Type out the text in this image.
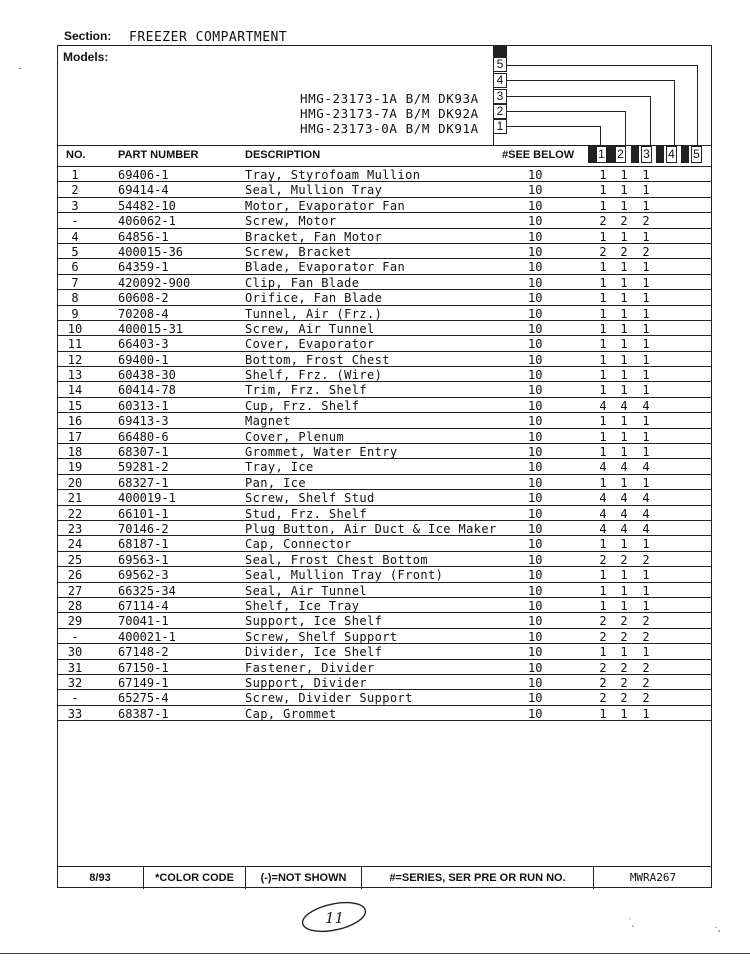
Section: FREEZER COMPARTMENT
Models:
HMG-23173-1A B/M DK93A
HMG-23173-7A B/M DK92A
HMG-23173-0A B/M DK91A
5
4
3
2
1
NO.	PART NUMBER	DESCRIPTION	#SEE BELOW 1 2 3 4 5
1	69406-1	Tray, Styrofoam Mullion	10	1 1 1
2	69414-4	Seal, Mullion Tray	10	1 1 1
3	54482-10	Motor, Evaporator Fan	10	1 1 1
-	406062-1	Screw, Motor	10	2 2 2
4	64856-1	Bracket, Fan Motor	10	1 1 1
5	400015-36	Screw, Bracket	10	2 2 2
6	64359-1	Blade, Evaporator Fan	10	1 1 1
7	420092-900	Clip, Fan Blade	10	1 1 1
8	60608-2	Orifice, Fan Blade	10	1 1 1
9	70208-4	Tunnel, Air (Frz.)	10	1 1 1
10	400015-31	Screw, Air Tunnel	10	1 1 1
11	66403-3	Cover, Evaporator	10	1 1 1
12	69400-1	Bottom, Frost Chest	10	1 1 1
13	60438-30	Shelf, Frz. (Wire)	10	1 1 1
14	60414-78	Trim, Frz. Shelf	10	1 1 1
15	60313-1	Cup, Frz. Shelf	10	4 4 4
16	69413-3	Magnet	10	1 1 1
17	66480-6	Cover, Plenum	10	1 1 1
18	68307-1	Grommet, Water Entry	10	1 1 1
19	59281-2	Tray, Ice	10	4 4 4
20	68327-1	Pan, Ice	10	1 1 1
21	400019-1	Screw, Shelf Stud	10	4 4 4
22	66101-1	Stud, Frz. Shelf	10	4 4 4
23	70146-2	Plug Button, Air Duct & Ice Maker	10	4 4 4
24	68187-1	Cap, Connector	10	1 1 1
25	69563-1	Seal, Frost Chest Bottom	10	2 2 2
26	69562-3	Seal, Mullion Tray (Front)	10	1 1 1
27	66325-34	Seal, Air Tunnel	10	1 1 1
28	67114-4	Shelf, Ice Tray	10	1 1 1
29	70041-1	Support, Ice Shelf	10	2 2 2
-	400021-1	Screw, Shelf Support	10	2 2 2
30	67148-2	Divider, Ice Shelf	10	1 1 1
31	67150-1	Fastener, Divider	10	2 2 2
32	67149-1	Support, Divider	10	2 2 2
-	65275-4	Screw, Divider Support	10	2 2 2
33	68387-1	Cap, Grommet	10	1 1 1
8/93	*COLOR CODE	(-)=NOT SHOWN	#=SERIES, SER PRE OR RUN NO.	MWRA267
11	ʿ˛	·,
-
